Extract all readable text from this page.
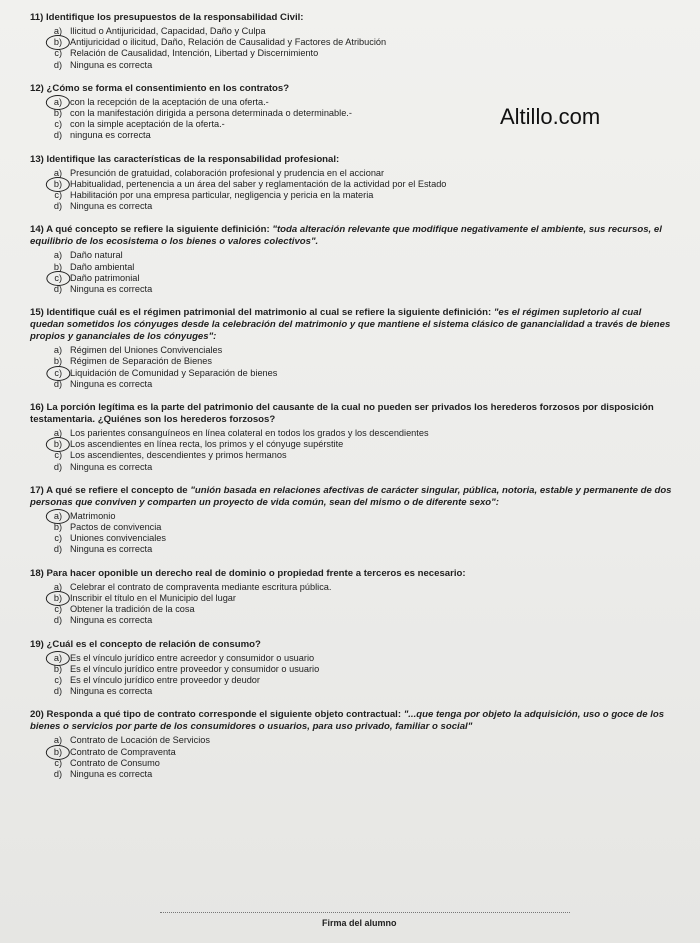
Altillo.com

11) Identifique los presupuestos de la responsabilidad Civil:

a) Ilicitud o Antijuricidad, Capacidad, Daño y Culpa
b) Antijuricidad o ilicitud, Daño, Relación de Causalidad y Factores de Atribución
c) Relación de Causalidad, Intención, Libertad y Discernimiento
d) Ninguna es correcta

12) ¿Cómo se forma el consentimiento en los contratos?

a) con la recepción de la aceptación de una oferta.-
b) con la manifestación dirigida a persona determinada o determinable.-
c) con la simple aceptación de la oferta.-
d) ninguna es correcta

13) Identifique las características de la responsabilidad profesional:

a) Presunción de gratuidad, colaboración profesional y prudencia en el accionar
b) Habitualidad, pertenencia a un área del saber y reglamentación de la actividad por el Estado
c) Habilitación por una empresa particular, negligencia y pericia en la materia
d) Ninguna es correcta

14) A qué concepto se refiere la siguiente definición: "toda alteración relevante que modifique negativamente el ambiente, sus recursos, el equilibrio de los ecosistema o los bienes o valores colectivos".

a) Daño natural
b) Daño ambiental
c) Daño patrimonial
d) Ninguna es correcta

15) Identifique cuál es el régimen patrimonial del matrimonio al cual se refiere la siguiente definición: "es el régimen supletorio al cual quedan sometidos los cónyuges desde la celebración del matrimonio y que mantiene el sistema clásico de ganancialidad a través de bienes propios y gananciales de los cónyuges":

a) Régimen del Uniones Convivenciales
b) Régimen de Separación de Bienes
c) Liquidación de Comunidad y Separación de bienes
d) Ninguna es correcta

16) La porción legítima es la parte del patrimonio del causante de la cual no pueden ser privados los herederos forzosos por disposición testamentaria. ¿Quiénes son los herederos forzosos?

a) Los parientes consanguíneos en línea colateral en todos los grados y los descendientes
b) Los ascendientes en línea recta, los primos y el cónyuge supérstite
c) Los ascendientes, descendientes y primos hermanos
d) Ninguna es correcta

17) A qué se refiere el concepto de "unión basada en relaciones afectivas de carácter singular, pública, notoria, estable y permanente de dos personas que conviven y comparten un proyecto de vida común, sean del mismo o de diferente sexo":

a) Matrimonio
b) Pactos de convivencia
c) Uniones convivenciales
d) Ninguna es correcta

18) Para hacer oponible un derecho real de dominio o propiedad frente a terceros es necesario:

a) Celebrar el contrato de compraventa mediante escritura pública.
b) Inscribir el título en el Municipio del lugar
c) Obtener la tradición de la cosa
d) Ninguna es correcta

19) ¿Cuál es el concepto de relación de consumo?

a) Es el vínculo jurídico entre acreedor y consumidor o usuario
b) Es el vínculo jurídico entre proveedor y consumidor o usuario
c) Es el vínculo jurídico entre proveedor y deudor
d) Ninguna es correcta

20) Responda a qué tipo de contrato corresponde el siguiente objeto contractual: "...que tenga por objeto la adquisición, uso o goce de los bienes o servicios por parte de los consumidores o usuarios, para uso privado, familiar o social"

a) Contrato de Locación de Servicios
b) Contrato de Compraventa
c) Contrato de Consumo
d) Ninguna es correcta
Firma del alumno
